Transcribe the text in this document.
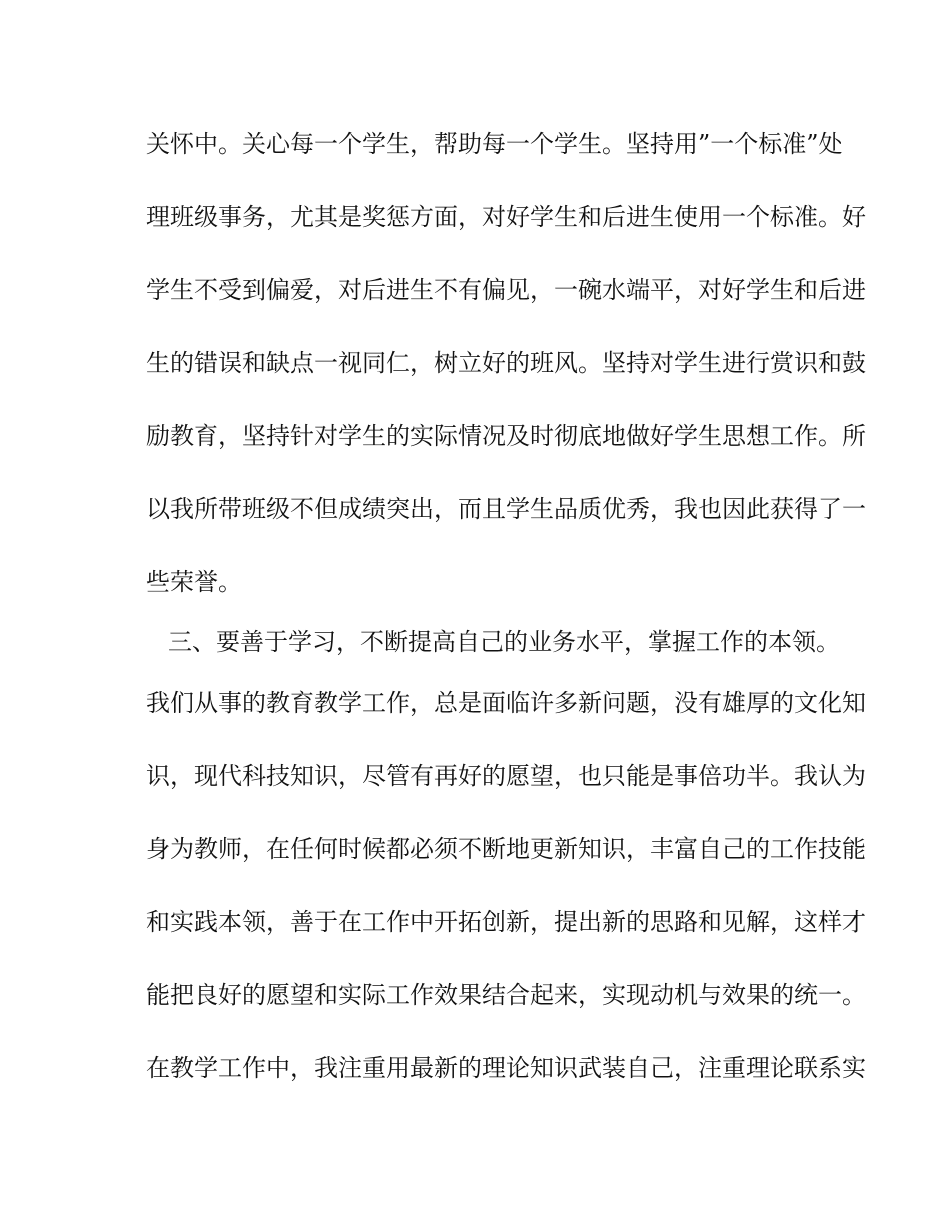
关怀中。关心每一个学生，帮助每一个学生。坚持用”一个标准”处
理班级事务，尤其是奖惩方面，对好学生和后进生使用一个标准。好
学生不受到偏爱，对后进生不有偏见，一碗水端平，对好学生和后进
生的错误和缺点一视同仁，树立好的班风。坚持对学生进行赏识和鼓
励教育，坚持针对学生的实际情况及时彻底地做好学生思想工作。所
以我所带班级不但成绩突出，而且学生品质优秀，我也因此获得了一
些荣誉。
三、要善于学习，不断提高自己的业务水平，掌握工作的本领。
我们从事的教育教学工作，总是面临许多新问题，没有雄厚的文化知
识，现代科技知识，尽管有再好的愿望，也只能是事倍功半。我认为
身为教师，在任何时候都必须不断地更新知识，丰富自己的工作技能
和实践本领，善于在工作中开拓创新，提出新的思路和见解，这样才
能把良好的愿望和实际工作效果结合起来，实现动机与效果的统一。
在教学工作中，我注重用最新的理论知识武装自己，注重理论联系实
